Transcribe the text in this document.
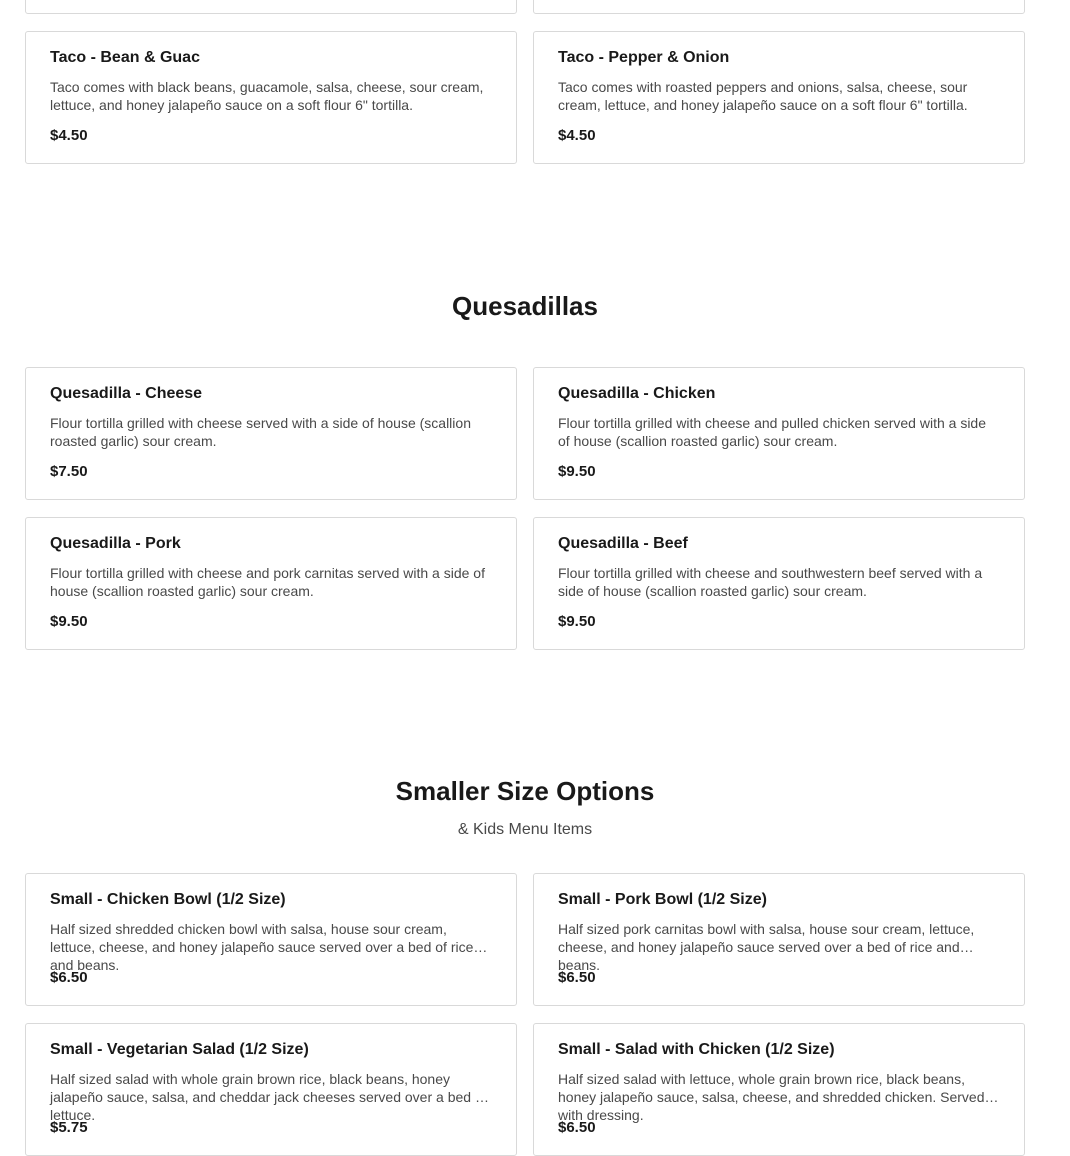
Taco - Bean & Guac
Taco comes with black beans, guacamole, salsa, cheese, sour cream, lettuce, and honey jalapeño sauce on a soft flour 6" tortilla.
$4.50
Taco - Pepper & Onion
Taco comes with roasted peppers and onions, salsa, cheese, sour cream, lettuce, and honey jalapeño sauce on a soft flour 6" tortilla.
$4.50
Quesadillas
Quesadilla - Cheese
Flour tortilla grilled with cheese served with a side of house (scallion roasted garlic) sour cream.
$7.50
Quesadilla - Chicken
Flour tortilla grilled with cheese and pulled chicken served with a side of house (scallion roasted garlic) sour cream.
$9.50
Quesadilla - Pork
Flour tortilla grilled with cheese and pork carnitas served with a side of house (scallion roasted garlic) sour cream.
$9.50
Quesadilla - Beef
Flour tortilla grilled with cheese and southwestern beef served with a side of house (scallion roasted garlic) sour cream.
$9.50
Smaller Size Options
& Kids Menu Items
Small - Chicken Bowl (1/2 Size)
Half sized shredded chicken bowl with salsa, house sour cream, lettuce, cheese, and honey jalapeño sauce served over a bed of rice and beans.
$6.50
Small - Pork Bowl (1/2 Size)
Half sized pork carnitas bowl with salsa, house sour cream, lettuce, cheese, and honey jalapeño sauce served over a bed of rice and beans.
$6.50
Small - Vegetarian Salad (1/2 Size)
Half sized salad with whole grain brown rice, black beans, honey jalapeño sauce, salsa, and cheddar jack cheeses served over a bed of lettuce.
$5.75
Small - Salad with Chicken (1/2 Size)
Half sized salad with lettuce, whole grain brown rice, black beans, honey jalapeño sauce, salsa, cheese, and shredded chicken. Served with dressing.
$6.50
